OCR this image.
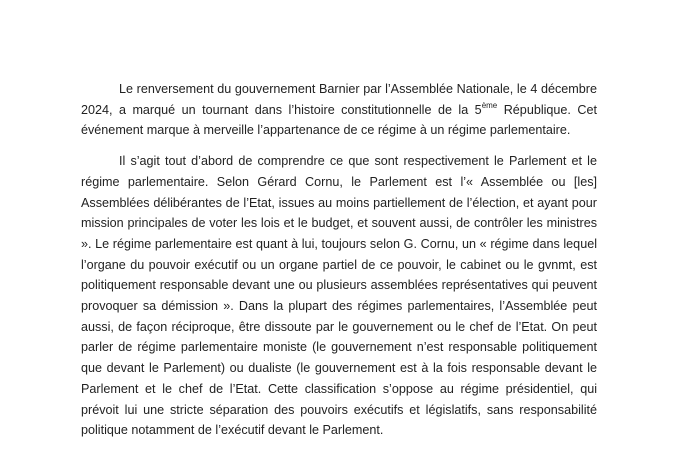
Le renversement du gouvernement Barnier par l’Assemblée Nationale, le 4 décembre 2024, a marqué un tournant dans l’histoire constitutionnelle de la 5ème République. Cet événement marque à merveille l’appartenance de ce régime à un régime parlementaire.

Il s’agit tout d’abord de comprendre ce que sont respectivement le Parlement et le régime parlementaire. Selon Gérard Cornu, le Parlement est l’« Assemblée ou [les] Assemblées délibérantes de l’Etat, issues au moins partiellement de l’élection, et ayant pour mission principales de voter les lois et le budget, et souvent aussi, de contrôler les ministres ». Le régime parlementaire est quant à lui, toujours selon G. Cornu, un « régime dans lequel l’organe du pouvoir exécutif ou un organe partiel de ce pouvoir, le cabinet ou le gvnmt, est politiquement responsable devant une ou plusieurs assemblées représentatives qui peuvent provoquer sa démission ». Dans la plupart des régimes parlementaires, l’Assemblée peut aussi, de façon réciproque, être dissoute par le gouvernement ou le chef de l’Etat. On peut parler de régime parlementaire moniste (le gouvernement n’est responsable politiquement que devant le Parlement) ou dualiste (le gouvernement est à la fois responsable devant le Parlement et le chef de l’Etat. Cette classification s’oppose au régime présidentiel, qui prévoit lui une stricte séparation des pouvoirs exécutifs et législatifs, sans responsabilité politique notamment de l’exécutif devant le Parlement.
